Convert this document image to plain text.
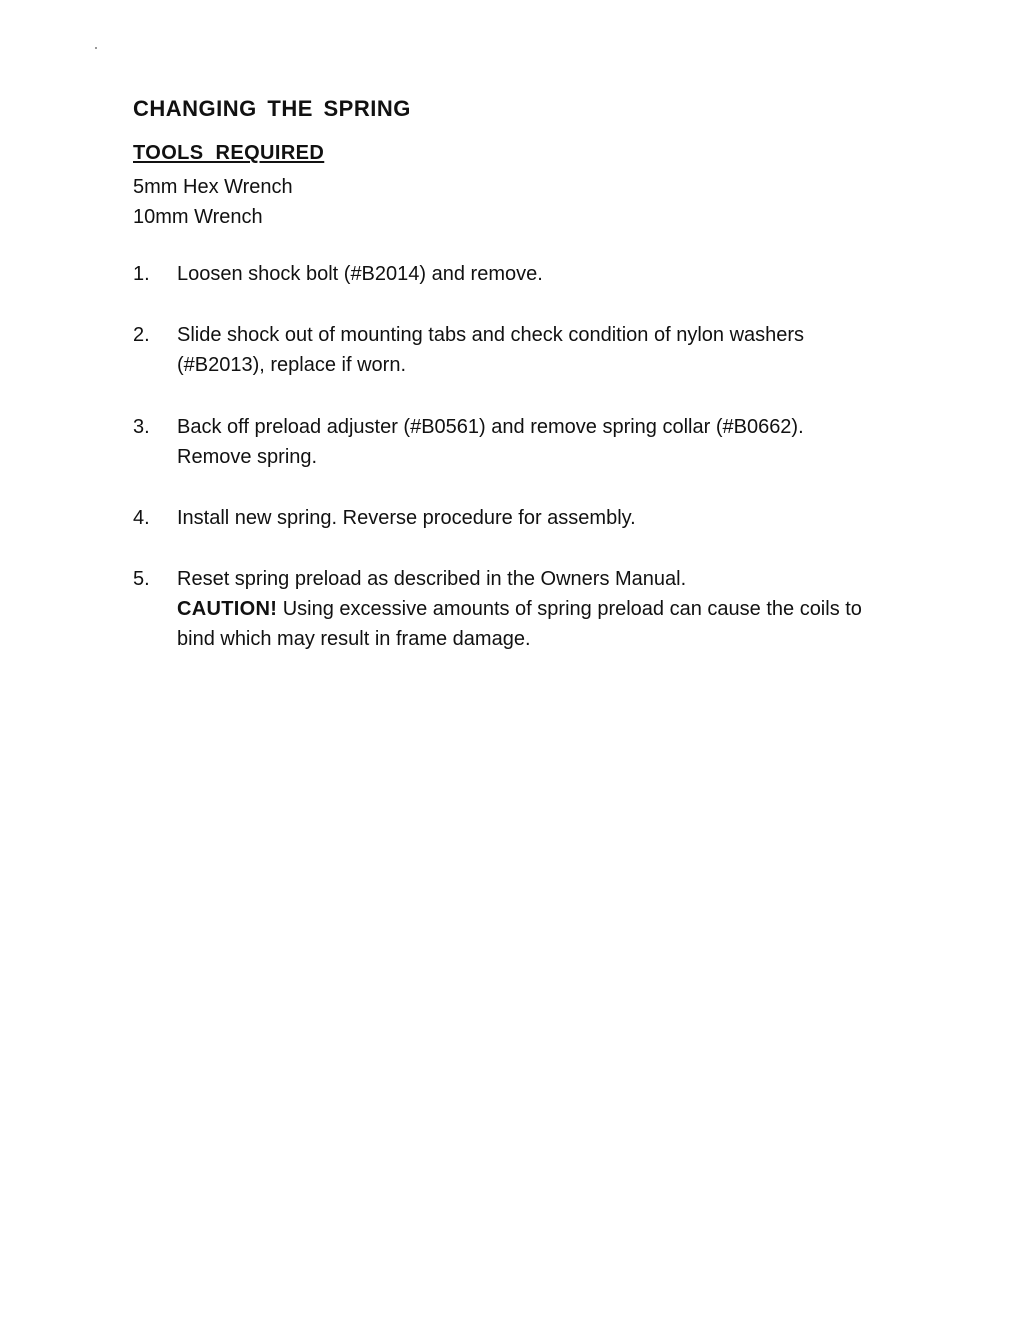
CHANGING THE SPRING
TOOLS REQUIRED
5mm Hex Wrench
10mm Wrench
1.	Loosen shock bolt (#B2014) and remove.
2.	Slide shock out of mounting tabs and check condition of nylon washers (#B2013), replace if worn.
3.	Back off preload adjuster (#B0561) and remove spring collar (#B0662). Remove spring.
4.	Install new spring. Reverse procedure for assembly.
5.	Reset spring preload as described in the Owners Manual.
CAUTION! Using excessive amounts of spring preload can cause the coils to bind which may result in frame damage.
